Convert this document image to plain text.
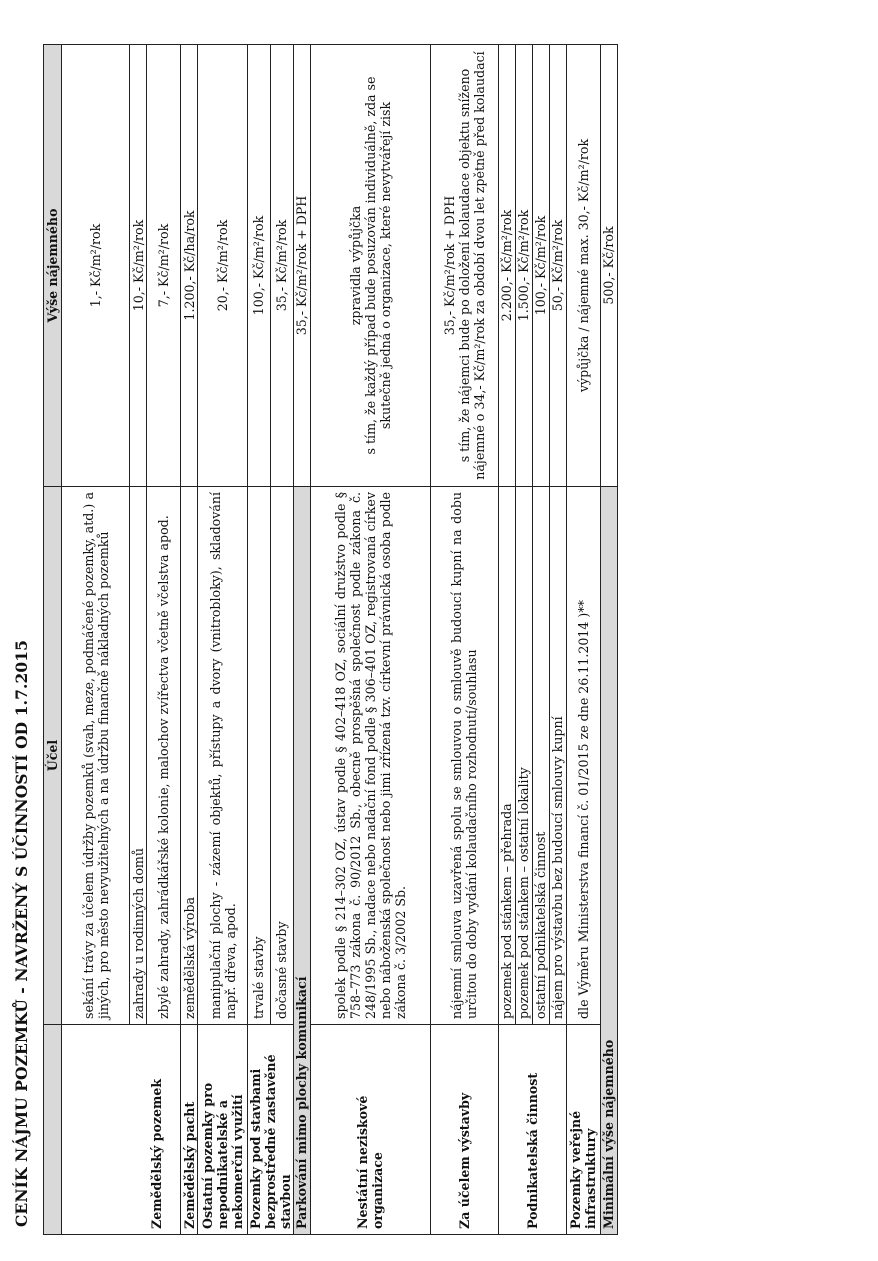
CENÍK NÁJMU POZEMKŮ - NAVRŽENÝ S ÚČINNOSTÍ OD 1.7.2015
	Účel	Výše nájemného
Zemědělský pozemek	sekání trávy za účelem údržby pozemků (svah, meze, podmáčené pozemky, atd.) a jiných, pro město nevyužitelných a na údržbu finančně nákladných pozemků	1,- Kč/m²/rok
	zahrady u rodinných domů	10,- Kč/m²/rok
	zbylé zahrady, zahrádkářské kolonie, malochov zvířectva včetně včelstva apod.	7,- Kč/m²/rok
Zemědělský pacht	zemědělská výroba	1.200,- Kč/ha/rok
Ostatní pozemky pro nepodnikatelské a nekomerční využití	manipulační plochy - zázemí objektů, přístupy a dvory (vnitrobloky), skladování např. dřeva, apod.	20,- Kč/m²/rok
Pozemky pod stavbami bezprostředně zastavěné stavbou	trvalé stavby	100,- Kč/m²/rok
	dočasné stavby	35,- Kč/m²/rok
Parkování mimo plochy komunikací		35,- Kč/m²/rok + DPH
Nestátní neziskové organizace	spolek podle § 214–302 OZ, ústav podle § 402–418 OZ, sociální družstvo podle § 758–773 zákona č. 90/2012 Sb., obecně prospěšná společnost podle zákona č. 248/1995 Sb., nadace nebo nadační fond podle § 306–401 OZ, registrovaná církev nebo náboženská společnost nebo jimi zřízená tzv. církevní právnická osoba podle zákona č. 3/2002 Sb.	zpravidla výpůjčka s tím, že každý případ bude posuzován individuálně, zda se skutečně jedná o organizace, které nevytvářejí zisk

Za účelem výstavby	nájemní smlouva uzavřená spolu se smlouvou o smlouvě budoucí kupní na dobu určitou do doby vydání kolaudačního rozhodnutí/souhlasu	35,- Kč/m²/rok + DPH s tím, že nájemci bude po doložení kolaudace objektu sníženo nájemné o 34,- Kč/m²/rok za období dvou let zpětně před kolaudací

Podnikatelská činnost	pozemek pod stánkem – přehrada	2.200,- Kč/m²/rok
	pozemek pod stánkem – ostatní lokality	1.500,- Kč/m²/rok
	ostatní podnikatelská činnost	100,- Kč/m²/rok
	nájem pro výstavbu bez budoucí smlouvy kupní	50,- Kč/m²/rok
Pozemky veřejné infrastruktury	dle Výměru Ministerstva financí č. 01/2015 ze dne 26.11.2014 )**	výpůjčka / nájemné max. 30,- Kč/m²/rok
Minimální výše nájemného		500,- Kč/rok
